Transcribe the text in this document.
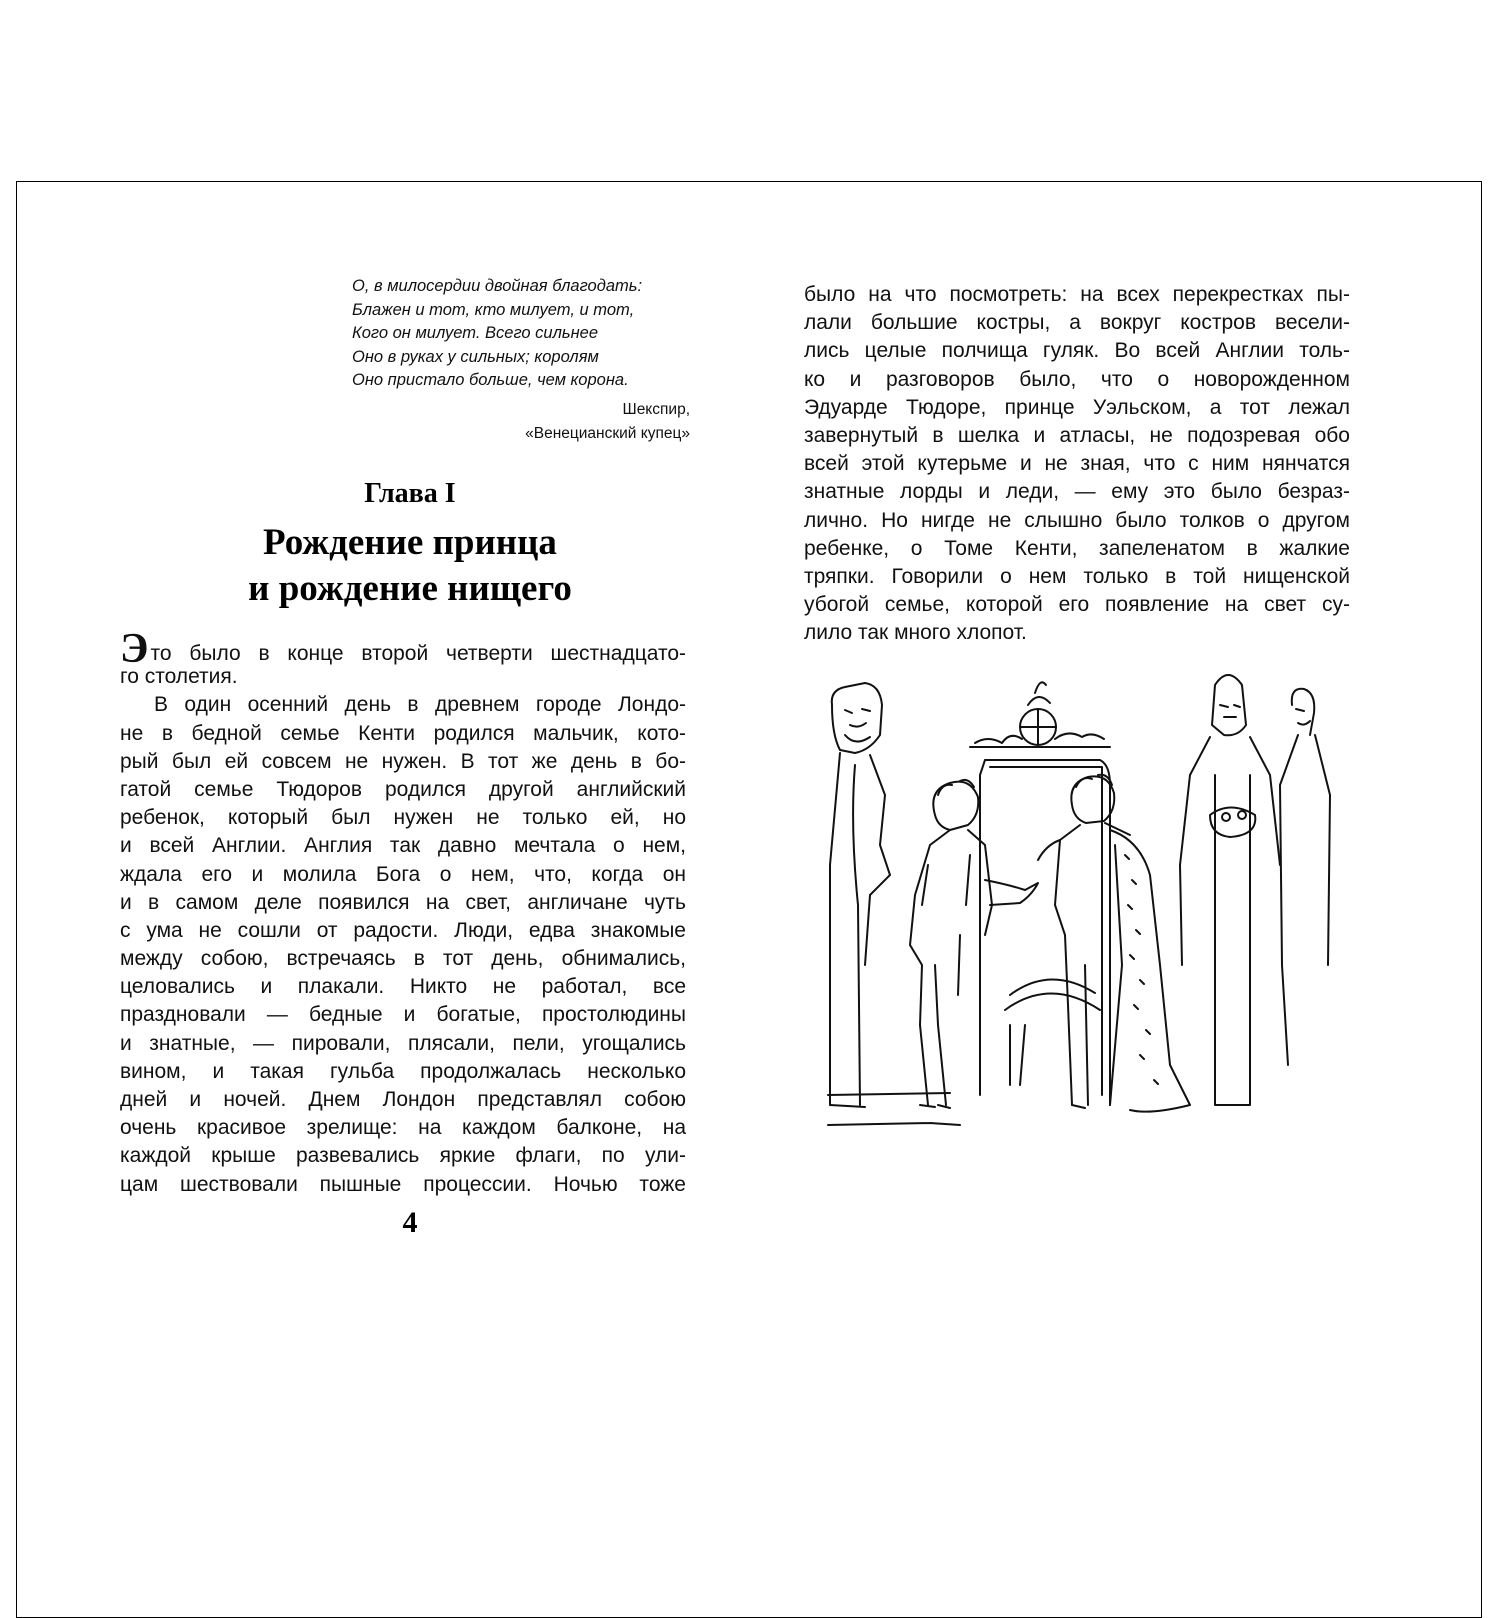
О, в милосердии двойная благодать:
Блажен и тот, кто милует, и тот,
Кого он милует. Всего сильнее
Оно в руках у сильных; королям
Оно пристало больше, чем корона.
Шекспир,
«Венецианский купец»
Глава I
Рождение принца
и рождение нищего
Это было в конце второй четверти шестнадцато-
го столетия.
В один осенний день в древнем городе Лондо-
не в бедной семье Кенти родился мальчик, кото-
рый был ей совсем не нужен. В тот же день в бо-
гатой семье Тюдоров родился другой английский
ребенок, который был нужен не только ей, но
и всей Англии. Англия так давно мечтала о нем,
ждала его и молила Бога о нем, что, когда он
и в самом деле появился на свет, англичане чуть
с ума не сошли от радости. Люди, едва знакомые
между собою, встречаясь в тот день, обнимались,
целовались и плакали. Никто не работал, все
праздновали — бедные и богатые, простолюдины
и знатные, — пировали, плясали, пели, угощались
вином, и такая гульба продолжалась несколько
дней и ночей. Днем Лондон представлял собою
очень красивое зрелище: на каждом балконе, на
каждой крыше развевались яркие флаги, по ули-
цам шествовали пышные процессии. Ночью тоже
4
было на что посмотреть: на всех перекрестках пы-
лали большие костры, а вокруг костров весели-
лись целые полчища гуляк. Во всей Англии толь-
ко и разговоров было, что о новорожденном
Эдуарде Тюдоре, принце Уэльском, а тот лежал
завернутый в шелка и атласы, не подозревая обо
всей этой кутерьме и не зная, что с ним нянчатся
знатные лорды и леди, — ему это было безраз-
лично. Но нигде не слышно было толков о другом
ребенке, о Томе Кенти, запеленатом в жалкие
тряпки. Говорили о нем только в той нищенской
убогой семье, которой его появление на свет су-
лило так много хлопот.
